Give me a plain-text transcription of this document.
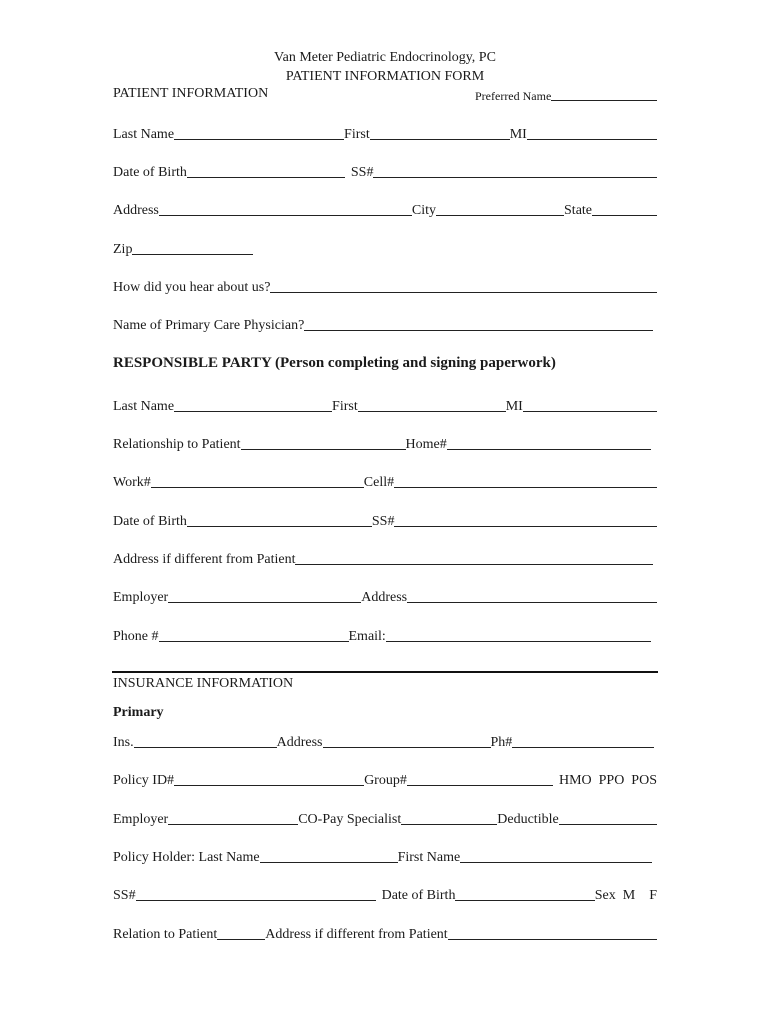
Van Meter Pediatric Endocrinology, PC
PATIENT INFORMATION FORM
PATIENT INFORMATION	Preferred Name
Last Name	First	MI
Date of Birth	SS#
Address	City	State
Zip
How did you hear about us?
Name of Primary Care Physician?
RESPONSIBLE PARTY (Person completing and signing paperwork)
Last Name	First	MI
Relationship to Patient	Home#
Work#	Cell#
Date of Birth	SS#
Address if different from Patient
Employer	Address
Phone #	Email:
INSURANCE INFORMATION
Primary
Ins.	Address	Ph#
Policy ID#	Group#	HMO  PPO  POS
Employer	CO-Pay Specialist	Deductible
Policy Holder: Last Name	First Name
SS#	Date of Birth	Sex  M    F
Relation to Patient	Address if different from Patient
